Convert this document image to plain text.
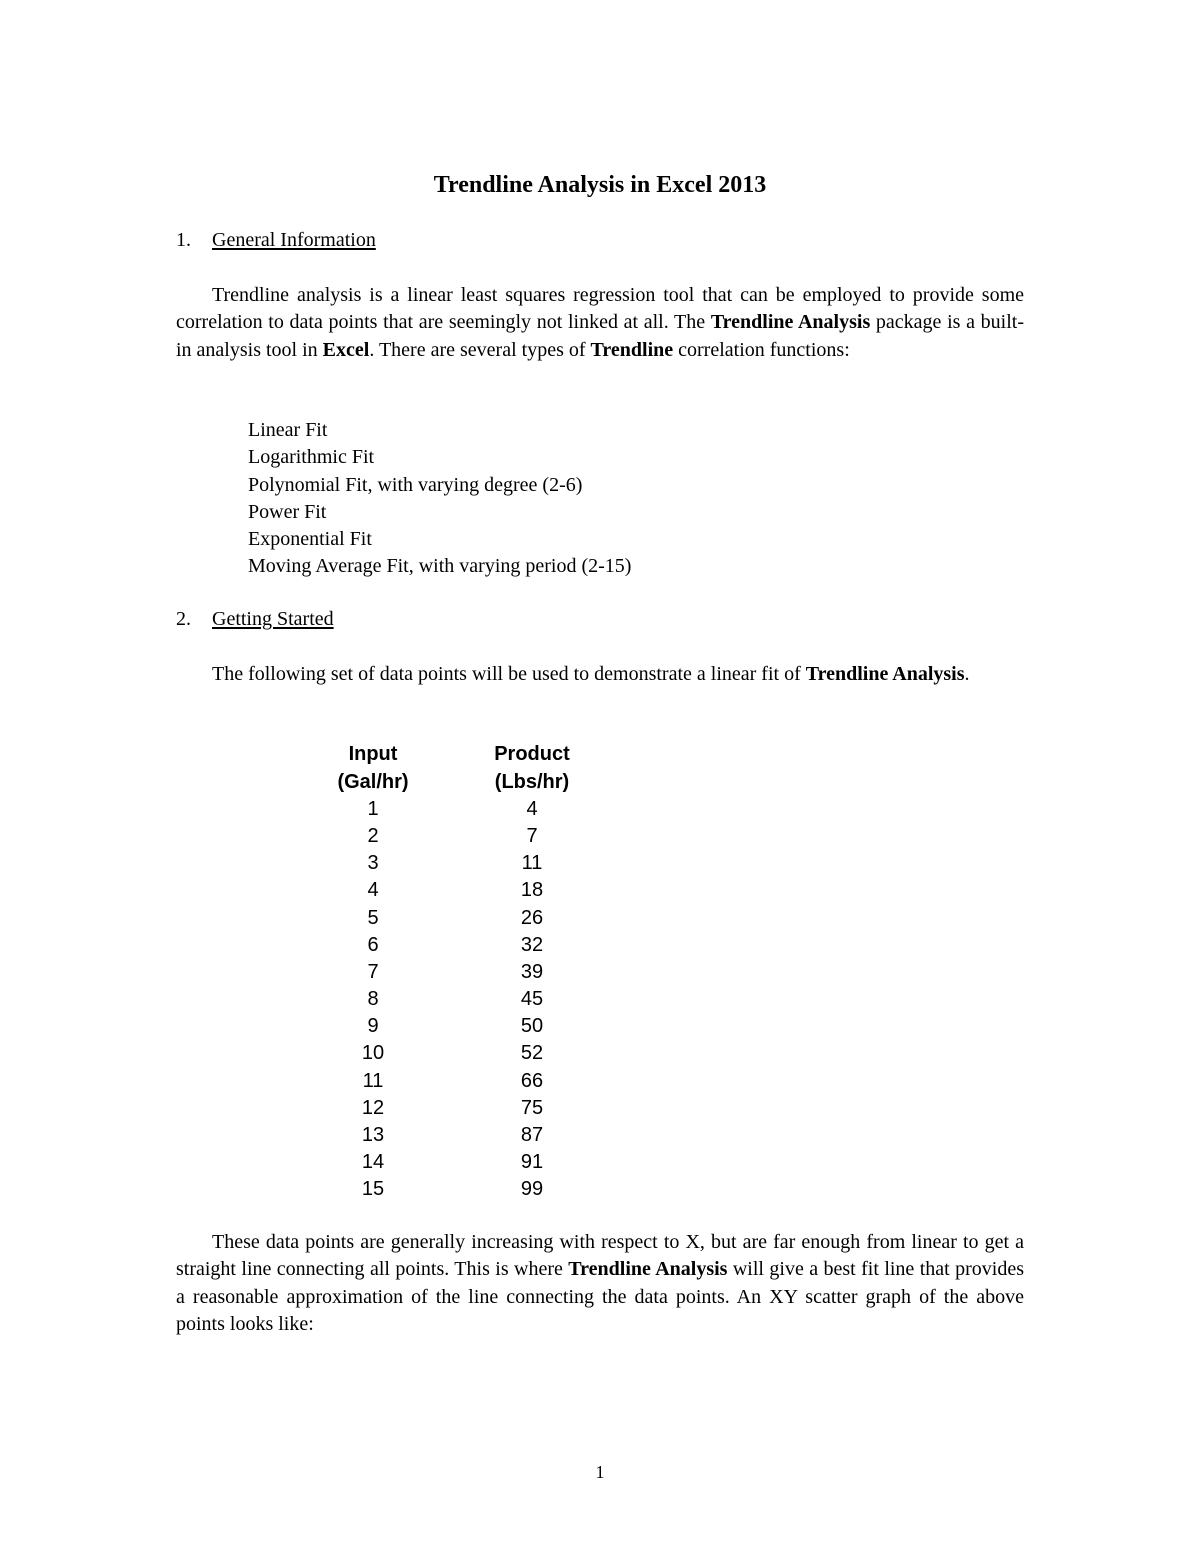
Trendline Analysis in Excel 2013
1. General Information

Trendline analysis is a linear least squares regression tool that can be employed to provide some correlation to data points that are seemingly not linked at all. The Trendline Analysis package is a built-in analysis tool in Excel. There are several types of Trendline correlation functions:

Linear Fit
Logarithmic Fit
Polynomial Fit, with varying degree (2-6)
Power Fit
Exponential Fit
Moving Average Fit, with varying period (2-15)
2. Getting Started

The following set of data points will be used to demonstrate a linear fit of Trendline Analysis.

Input	Product
(Gal/hr)	(Lbs/hr)
1	4
2	7
3	11
4	18
5	26
6	32
7	39
8	45
9	50
10	52
11	66
12	75
13	87
14	91
15	99

These data points are generally increasing with respect to X, but are far enough from linear to get a straight line connecting all points. This is where Trendline Analysis will give a best fit line that provides a reasonable approximation of the line connecting the data points. An XY scatter graph of the above points looks like:

1
